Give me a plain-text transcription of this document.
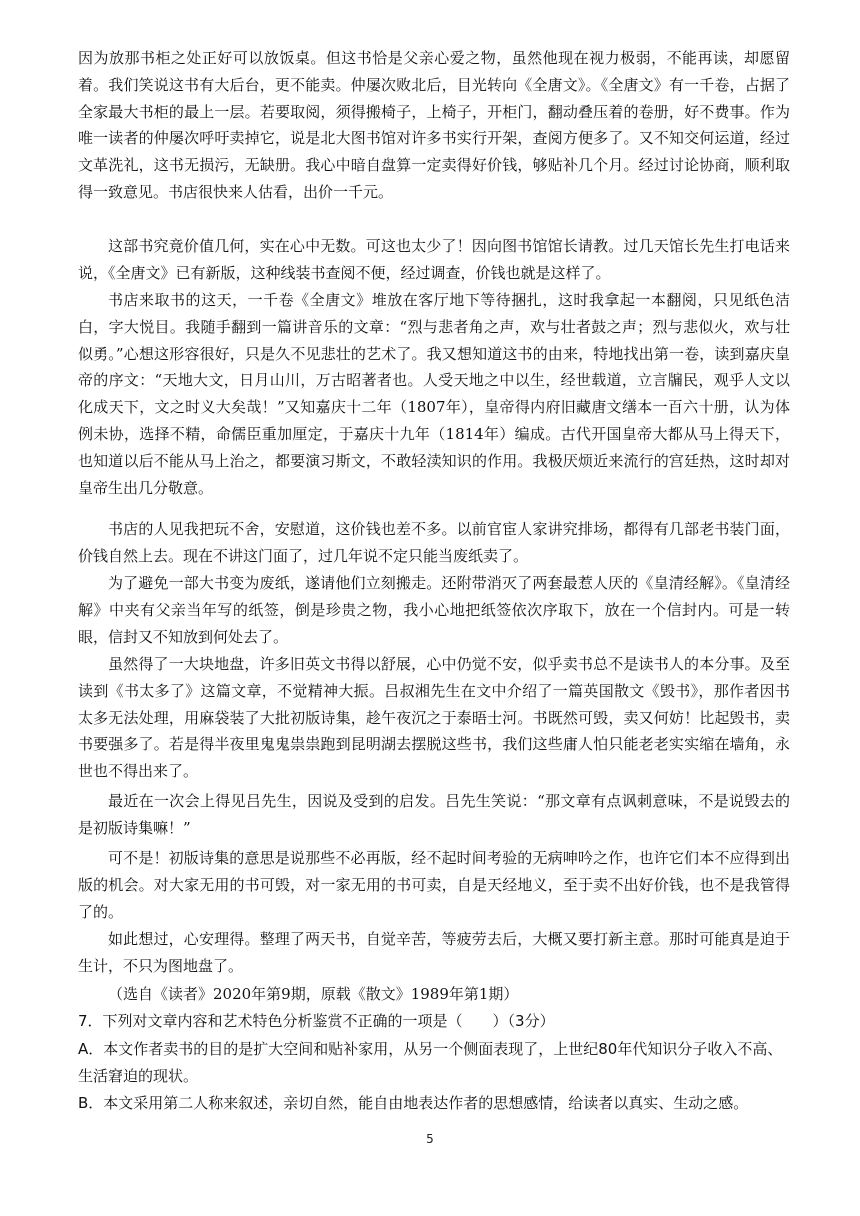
因为放那书柜之处正好可以放饭桌。但这书恰是父亲心爱之物，虽然他现在视力极弱，不能再读，却愿留着。我们笑说这书有大后台，更不能卖。仲屡次败北后，目光转向《全唐文》。《全唐文》有一千卷，占据了全家最大书柜的最上一层。若要取阅，须得搬椅子，上椅子，开柜门，翻动叠压着的卷册，好不费事。作为唯一读者的仲屡次呼吁卖掉它，说是北大图书馆对许多书实行开架，查阅方便多了。又不知交何运道，经过文革洗礼，这书无损污，无缺册。我心中暗自盘算一定卖得好价钱，够贴补几个月。经过讨论协商，顺利取得一致意见。书店很快来人估看，出价一千元。
这部书究竟价值几何，实在心中无数。可这也太少了！因向图书馆馆长请教。过几天馆长先生打电话来说，《全唐文》已有新版，这种线装书查阅不便，经过调查，价钱也就是这样了。
书店来取书的这天，一千卷《全唐文》堆放在客厅地下等待捆扎，这时我拿起一本翻阅，只见纸色洁白，字大悦目。我随手翻到一篇讲音乐的文章：“烈与悲者角之声，欢与壮者鼓之声；烈与悲似火，欢与壮似勇。”心想这形容很好，只是久不见悲壮的艺术了。我又想知道这书的由来，特地找出第一卷，读到嘉庆皇帝的序文：“天地大文，日月山川，万古昭著者也。人受天地之中以生，经世载道，立言牖民，观乎人文以化成天下，文之时义大矣哉！”又知嘉庆十二年（1807年），皇帝得内府旧藏唐文缮本一百六十册，认为体例未协，选择不精，命儒臣重加厘定，于嘉庆十九年（1814年）编成。古代开国皇帝大都从马上得天下，也知道以后不能从马上治之，都要演习斯文，不敢轻渎知识的作用。我极厌烦近来流行的宫廷热，这时却对皇帝生出几分敬意。
书店的人见我把玩不舍，安慰道，这价钱也差不多。以前官宦人家讲究排场，都得有几部老书装门面，价钱自然上去。现在不讲这门面了，过几年说不定只能当废纸卖了。
为了避免一部大书变为废纸，遂请他们立刻搬走。还附带消灭了两套最惹人厌的《皇清经解》。《皇清经解》中夹有父亲当年写的纸签，倒是珍贵之物，我小心地把纸签依次序取下，放在一个信封内。可是一转眼，信封又不知放到何处去了。
虽然得了一大块地盘，许多旧英文书得以舒展，心中仍觉不安，似乎卖书总不是读书人的本分事。及至读到《书太多了》这篇文章，不觉精神大振。吕叔湘先生在文中介绍了一篇英国散文《毁书》，那作者因书太多无法处理，用麻袋装了大批初版诗集，趁午夜沉之于泰晤士河。书既然可毁，卖又何妨！比起毁书，卖书要强多了。若是得半夜里鬼鬼祟祟跑到昆明湖去摆脱这些书，我们这些庸人怕只能老老实实缩在墙角，永世也不得出来了。
最近在一次会上得见吕先生，因说及受到的启发。吕先生笑说：“那文章有点讽刺意味，不是说毁去的是初版诗集嘛！”
可不是！初版诗集的意思是说那些不必再版，经不起时间考验的无病呻吟之作，也许它们本不应得到出版的机会。对大家无用的书可毁，对一家无用的书可卖，自是天经地义，至于卖不出好价钱，也不是我管得了的。
如此想过，心安理得。整理了两天书，自觉辛苦，等疲劳去后，大概又要打新主意。那时可能真是迫于生计，不只为图地盘了。
（选自《读者》2020年第9期，原载《散文》1989年第1期）
7．下列对文章内容和艺术特色分析鉴赏不正确的一项是（　　）（3分）
A．本文作者卖书的目的是扩大空间和贴补家用，从另一个侧面表现了，上世纪80年代知识分子收入不高、生活窘迫的现状。
B．本文采用第二人称来叙述，亲切自然，能自由地表达作者的思想感情，给读者以真实、生动之感。
5
